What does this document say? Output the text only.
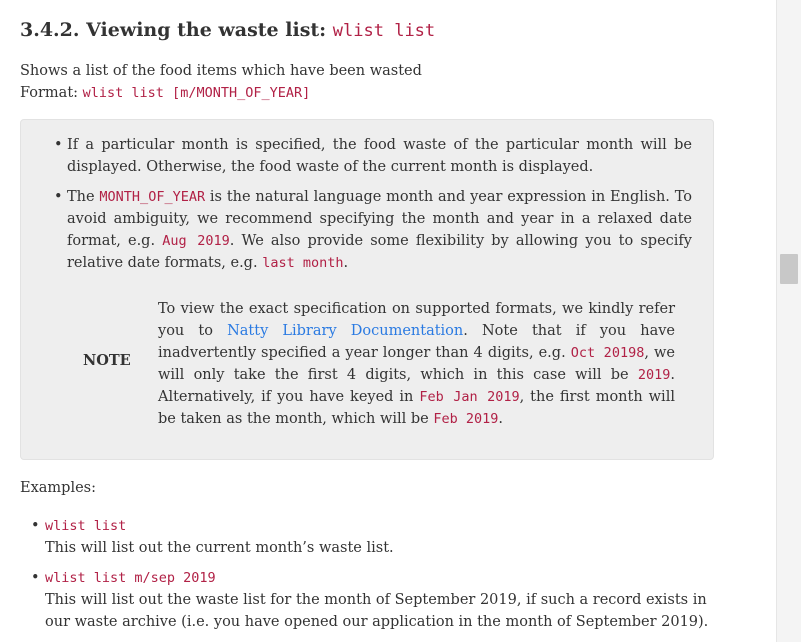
3.4.2. Viewing the waste list: wlist list
Shows a list of the food items which have been wasted
Format: wlist list [m/MONTH_OF_YEAR]
• If a particular month is specified, the food waste of the particular month will be displayed. Otherwise, the food waste of the current month is displayed.
• The MONTH_OF_YEAR is the natural language month and year expression in English. To avoid ambiguity, we recommend specifying the month and year in a relaxed date format, e.g. Aug 2019. We also provide some flexibility by allowing you to specify relative date formats, e.g. last month.
NOTE
To view the exact specification on supported formats, we kindly refer you to Natty Library Documentation. Note that if you have inadvertently specified a year longer than 4 digits, e.g. Oct 20198, we will only take the first 4 digits, which in this case will be 2019. Alternatively, if you have keyed in Feb Jan 2019, the first month will be taken as the month, which will be Feb 2019.
Examples:
• wlist list
This will list out the current month’s waste list.
• wlist list m/sep 2019
This will list out the waste list for the month of September 2019, if such a record exists in our waste archive (i.e. you have opened our application in the month of September 2019).
